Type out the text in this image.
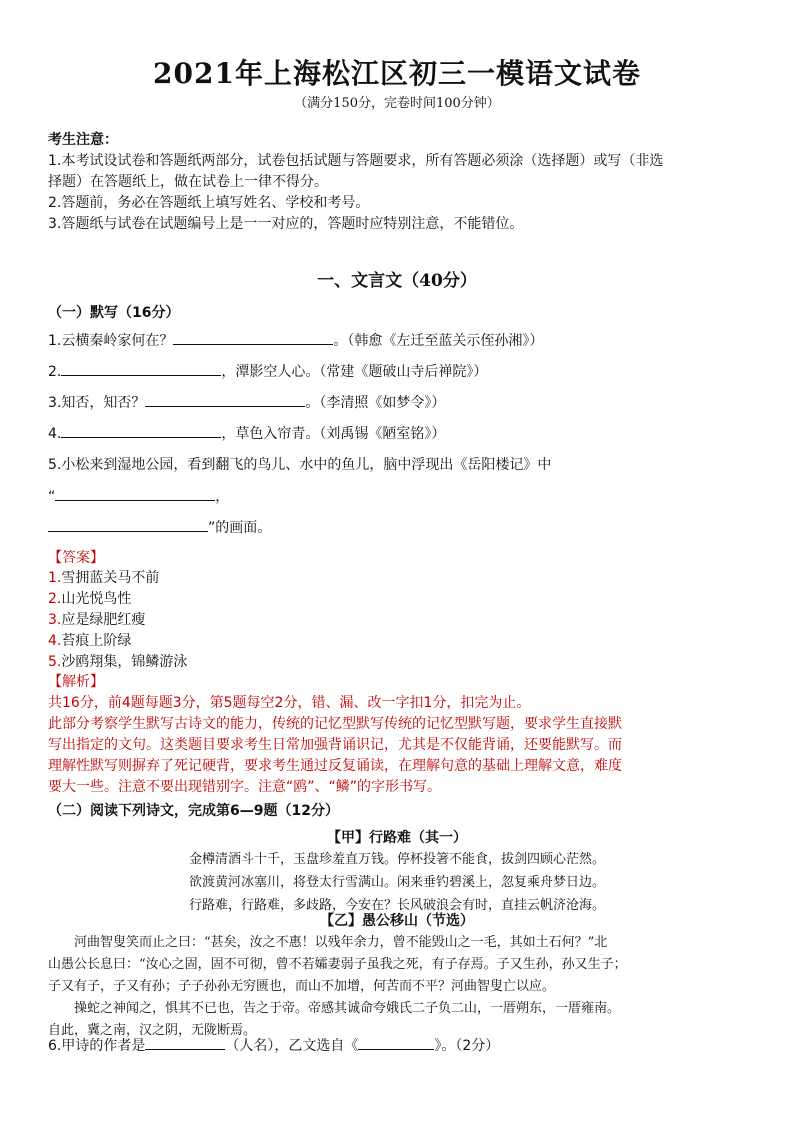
2021年上海松江区初三一模语文试卷
（满分150分，完卷时间100分钟）
考生注意：
1.本考试设试卷和答题纸两部分，试卷包括试题与答题要求，所有答题必须涂（选择题）或写（非选
择题）在答题纸上，做在试卷上一律不得分。
2.答题前，务必在答题纸上填写姓名、学校和考号。
3.答题纸与试卷在试题编号上是一一对应的，答题时应特别注意，不能错位。
一、文言文（40分）
（一）默写（16分）
1.云横秦岭家何在？	。（韩愈《左迁至蓝关示侄孙湘》）
2.	，潭影空人心。（常建《题破山寺后禅院》）
3.知否，知否？	。（李清照《如梦令》）
4.	，草色入帘青。（刘禹锡《陋室铭》）
5.小松来到湿地公园，看到翻飞的鸟儿、水中的鱼儿，脑中浮现出《岳阳楼记》中
“	，
”的画面。
【答案】
1.雪拥蓝关马不前
2.山光悦鸟性
3.应是绿肥红瘦
4.苔痕上阶绿
5.沙鸥翔集，锦鳞游泳
【解析】
共16分，前4题每题3分，第5题每空2分，错、漏、改一字扣1分，扣完为止。
此部分考察学生默写古诗文的能力，传统的记忆型默写传统的记忆型默写题，要求学生直接默
写出指定的文句。这类题目要求考生日常加强背诵识记，尤其是不仅能背诵，还要能默写。而
理解性默写则摒弃了死记硬背，要求考生通过反复诵读，在理解句意的基础上理解文意，难度
要大一些。注意不要出现错别字。注意“鸥”、“鳞”的字形书写。
（二）阅读下列诗文，完成第6—9题（12分）
【甲】行路难（其一）
金樽清酒斗十千，玉盘珍羞直万钱。停杯投箸不能食，拔剑四顾心茫然。
欲渡黄河冰塞川，将登太行雪满山。闲来垂钓碧溪上，忽复乘舟梦日边。
行路难，行路难，多歧路，今安在？长风破浪会有时，直挂云帆济沧海。
【乙】愚公移山（节选）
　　河曲智叟笑而止之曰：“甚矣，汝之不惠！以残年余力，曾不能毁山之一毛，其如土石何？”北
山愚公长息曰：“汝心之固，固不可彻，曾不若孀妻弱子虽我之死，有子存焉。子又生孙，孙又生子；
子又有子，子又有孙；子子孙孙无穷匮也，而山不加增，何苦而不平？河曲智叟亡以应。
　　操蛇之神闻之，惧其不已也，告之于帝。帝感其诚命夸娥氏二子负二山，一厝朔东，一厝雍南。
自此，冀之南，汉之阴，无陇断焉。
6.甲诗的作者是	（人名），乙文选自《	》。（2分）
